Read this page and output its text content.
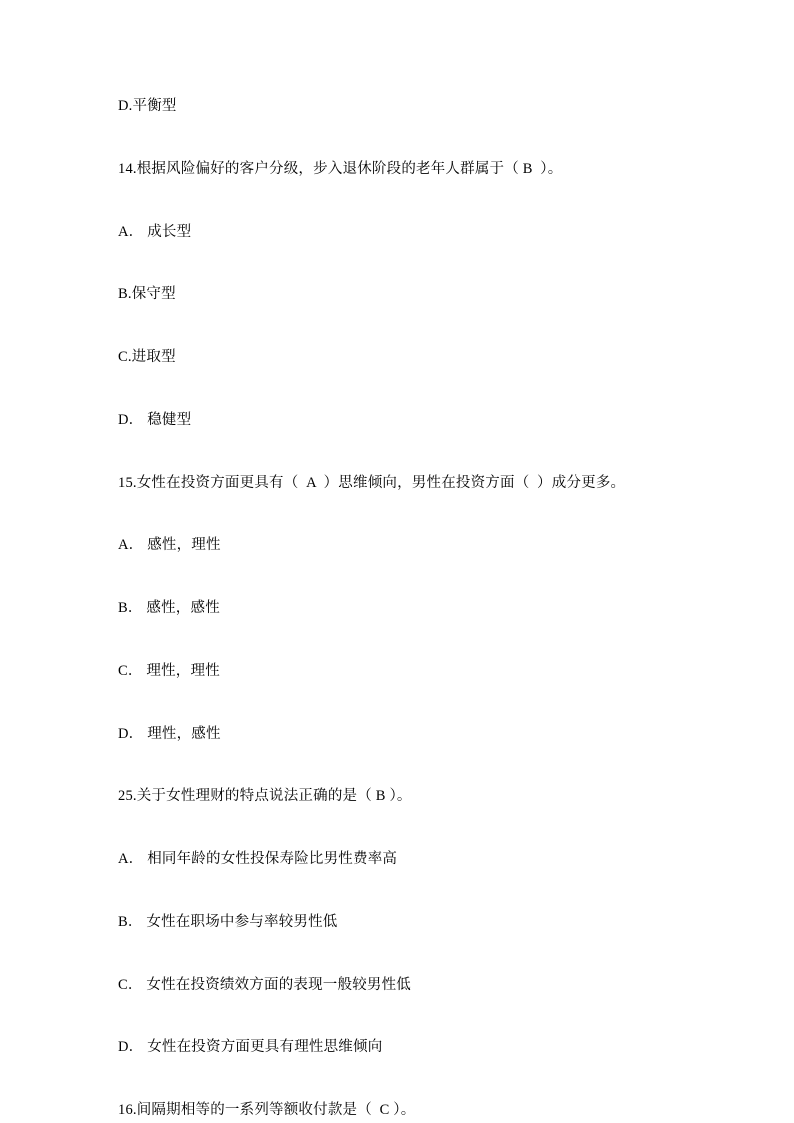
D.平衡型

14.根据风险偏好的客户分级，步入退休阶段的老年人群属于（ B  ）。

A． 成长型

B.保守型

C.进取型

D． 稳健型

15.女性在投资方面更具有（  A  ）思维倾向，男性在投资方面（  ）成分更多。

A． 感性，理性

B． 感性，感性

C． 理性，理性

D． 理性，感性

25.关于女性理财的特点说法正确的是（ B ）。

A． 相同年龄的女性投保寿险比男性费率高

B． 女性在职场中参与率较男性低

C． 女性在投资绩效方面的表现一般较男性低

D． 女性在投资方面更具有理性思维倾向

16.间隔期相等的一系列等额收付款是（  C ）。
